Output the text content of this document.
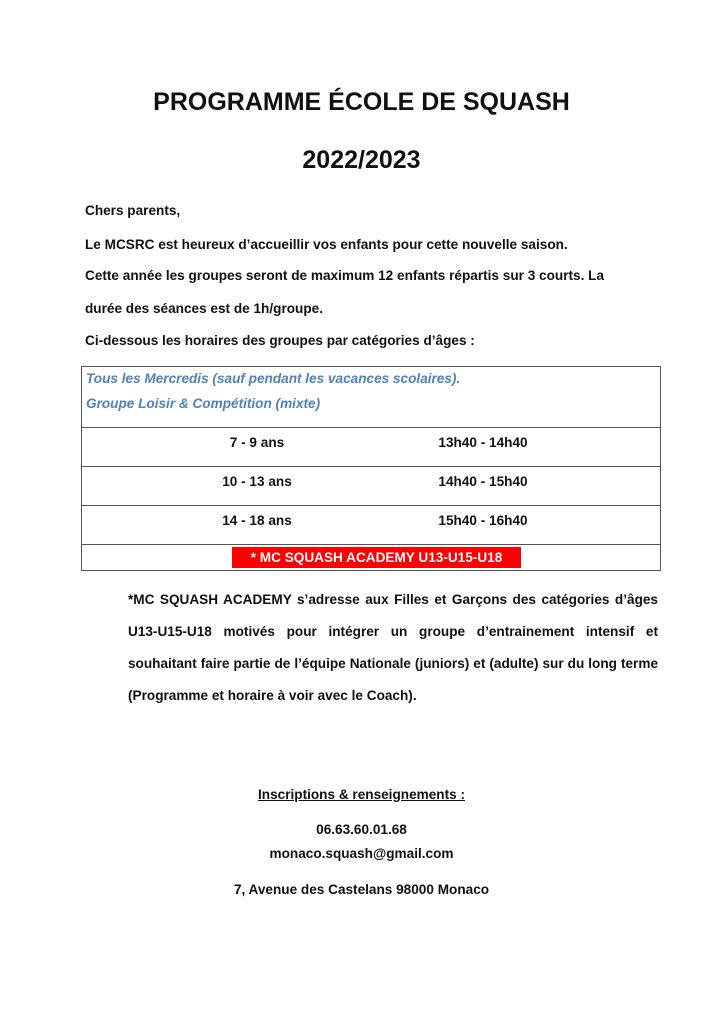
PROGRAMME ÉCOLE DE SQUASH
2022/2023

Chers parents,

Le MCSRC est heureux d’accueillir vos enfants pour cette nouvelle saison.

Cette année les groupes seront de maximum 12 enfants répartis sur 3 courts. La

durée des séances est de 1h/groupe.

Ci-dessous les horaires des groupes par catégories d’âges :

Tous les Mercredis (sauf pendant les vacances scolaires).
Groupe Loisir & Compétition (mixte)
7 - 9 ans	13h40 - 14h40
10 - 13 ans	14h40 - 15h40
14 - 18 ans	15h40 - 16h40
* MC SQUASH ACADEMY U13-U15-U18

*MC SQUASH ACADEMY s’adresse aux Filles et Garçons des catégories d’âges U13-U15-U18 motivés pour intégrer un groupe d’entrainement intensif et souhaitant faire partie de l’équipe Nationale (juniors) et (adulte) sur du long terme (Programme et horaire à voir avec le Coach).

Inscriptions & renseignements :

06.63.60.01.68

monaco.squash@gmail.com

7, Avenue des Castelans 98000 Monaco
